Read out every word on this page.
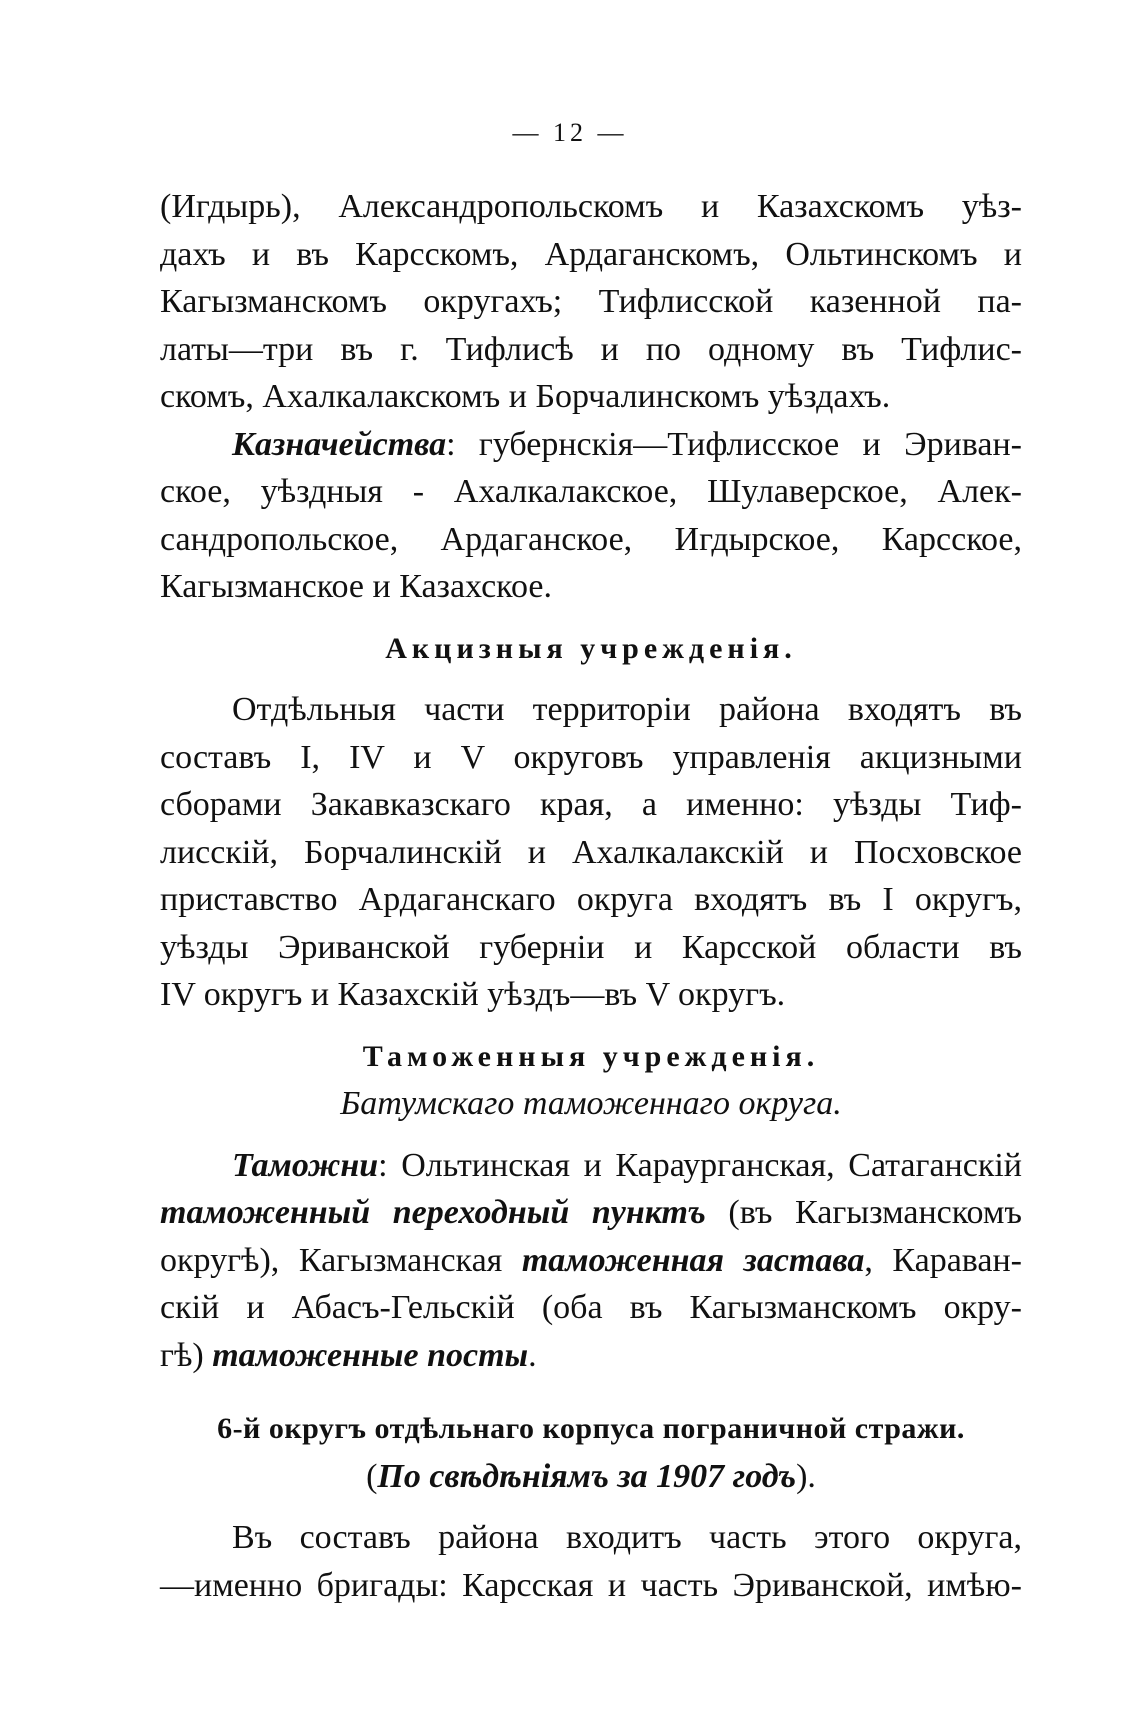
— 12 —
(Игдырь), Александропольскомъ и Казахскомъ уѣз-
дахъ и въ Карсскомъ, Ардаганскомъ, Ольтинскомъ и
Кагызманскомъ округахъ; Тифлисской казенной па-
латы—три въ г. Тифлисѣ и по одному въ Тифлис-
скомъ, Ахалкалакскомъ и Борчалинскомъ уѣздахъ.
Казначейства: губернскія—Тифлисское и Эриван-
ское, уѣздныя - Ахалкалакское, Шулаверское, Алек-
сандропольское, Ардаганское, Игдырское, Карсское,
Кагызманское и Казахское.
Акцизныя учрежденія.
Отдѣльныя части территоріи района входятъ въ
составъ I, IV и V округовъ управленія акцизными
сборами Закавказскаго края, а именно: уѣзды Тиф-
лисскій, Борчалинскій и Ахалкалакскій и Посховское
приставство Ардаганскаго округа входятъ въ I округъ,
уѣзды Эриванской губерніи и Карсской области въ
IV округъ и Казахскій уѣздъ—въ V округъ.
Таможенныя учрежденія.
Батумскаго таможеннаго округа.
Таможни: Ольтинская и Караурганская, Сатаганскій
таможенный переходный пунктъ (въ Кагызманскомъ
округѣ), Кагызманская таможенная застава, Караван-
скій и Абасъ-Гельскій (оба въ Кагызманскомъ окру-
гѣ) таможенные посты.
6-й округъ отдѣльнаго корпуса пограничной стражи.
(По свѣдѣніямъ за 1907 годъ).
Въ составъ района входитъ часть этого округа,
—именно бригады: Карсская и часть Эриванской, имѣю-
